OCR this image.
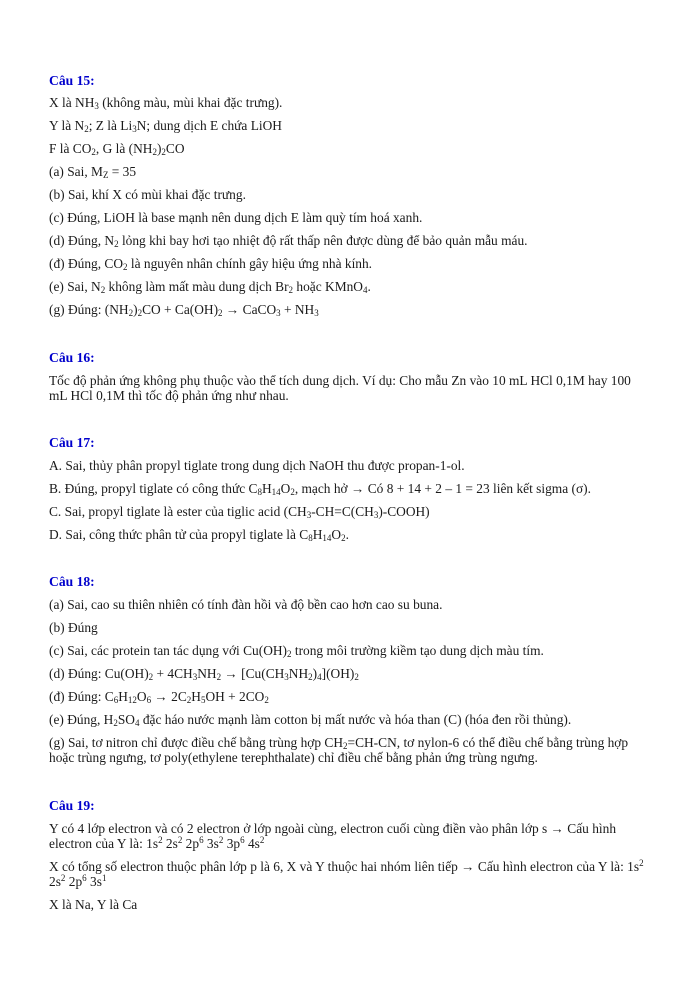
Câu 15:

X là $NH_3$ (không màu, mùi khai đặc trưng).

Y là $N_2$; Z là $Li_3N$; dung dịch E chứa LiOH

F là $CO_2$, G là $(NH_2)_2CO$

(a) Sai, $M_Z = 35$

(b) Sai, khí X có mùi khai đặc trưng.

(c) Đúng, LiOH là base mạnh nên dung dịch E làm quỳ tím hoá xanh.

(d) Đúng, $N_2$ lỏng khi bay hơi tạo nhiệt độ rất thấp nên được dùng để bảo quản mẫu máu.

(đ) Đúng, $CO_2$ là nguyên nhân chính gây hiệu ứng nhà kính.

(e) Sai, $N_2$ không làm mất màu dung dịch $Br_2$ hoặc KMnO$_4$.

(g) Đúng: $(NH_2)_2CO + Ca(OH)_2$ → CaCO$_3$ + $NH_3$

Câu 16:

Tốc độ phản ứng không phụ thuộc vào thể tích dung dịch. Ví dụ: Cho mẫu Zn vào 10 mL HCl 0,1M hay 100 mL HCl 0,1M thì tốc độ phản ứng như nhau.

Câu 17:

A. Sai, thủy phân propyl tiglate trong dung dịch NaOH thu được propan-1-ol.

B. Đúng, propyl tiglate có công thức $C_8H_{14}O_2$, mạch hở → Có 8 + 14 + 2 – 1 = 23 liên kết sigma (σ).

C. Sai, propyl tiglate là ester của tiglic acid $(CH_3-CH=C(CH_3)-COOH)$

D. Sai, công thức phân tử của propyl tiglate là $C_8H_{14}O_2$.

Câu 18:

(a) Sai, cao su thiên nhiên có tính đàn hồi và độ bền cao hơn cao su buna.

(b) Đúng

(c) Sai, các protein tan tác dụng với $Cu(OH)_2$ trong môi trường kiềm tạo dung dịch màu tím.

(d) Đúng: $Cu(OH)_2 + 4CH_3NH_2 \to [Cu(CH_3NH_2)_4](OH)_2$

(đ) Đúng: $C_6H_{12}O_6 \to 2C_2H_5OH + 2CO_2$

(e) Đúng, $H_2SO_4$ đặc háo nước mạnh làm cotton bị mất nước và hóa than (C) (hóa đen rồi thủng).

(g) Sai, tơ nitron chỉ được điều chế bằng trùng hợp $CH_2=CH-CN$, tơ nylon-6 có thể điều chế bằng trùng hợp hoặc trùng ngưng, tơ poly(ethylene terephthalate) chỉ điều chế bằng phản ứng trùng ngưng.

Câu 19:

Y có 4 lớp electron và có 2 electron ở lớp ngoài cùng, electron cuối cùng điền vào phân lớp s → Cấu hình electron của Y là: $1s^2$ $2s^2$ $2p^6$ $3s^2$ $3p^6$ $4s^2$

X có tổng số electron thuộc phân lớp p là 6, X và Y thuộc hai nhóm liên tiếp → Cấu hình electron của Y là: $1s^2$ $2s^2$ $2p^6$ $3s^1$

X là Na, Y là Ca
